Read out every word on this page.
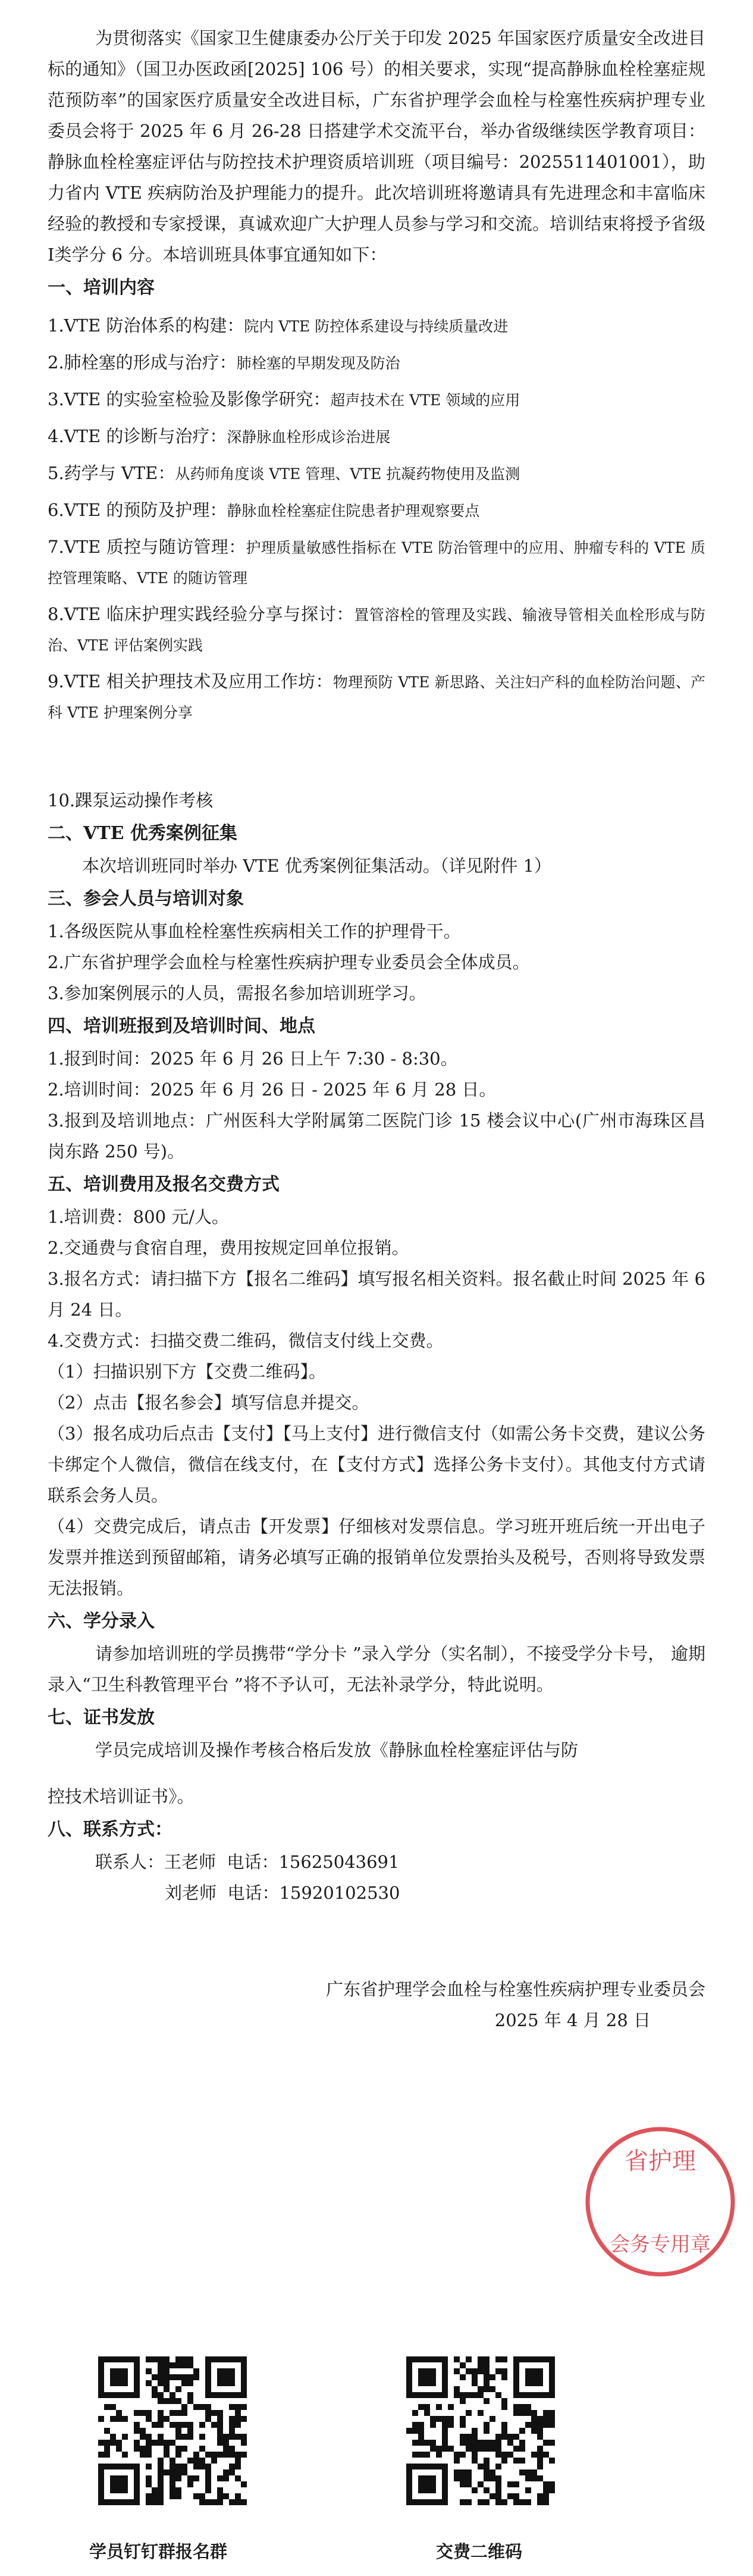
为贯彻落实《国家卫生健康委办公厅关于印发 2025 年国家医疗质量安全改进目标的通知》（国卫办医政函[2025] 106 号）的相关要求，实现“提高静脉血栓栓塞症规范预防率”的国家医疗质量安全改进目标，广东省护理学会血栓与栓塞性疾病护理专业委员会将于 2025 年 6 月 26-28 日搭建学术交流平台，举办省级继续医学教育项目：静脉血栓栓塞症评估与防控技术护理资质培训班（项目编号：2025511401001），助力省内 VTE 疾病防治及护理能力的提升。此次培训班将邀请具有先进理念和丰富临床经验的教授和专家授课，真诚欢迎广大护理人员参与学习和交流。培训结束将授予省级Ⅰ类学分 6 分。本培训班具体事宜通知如下：

一、培训内容

1.VTE 防治体系的构建：院内 VTE 防控体系建设与持续质量改进

2.肺栓塞的形成与治疗：肺栓塞的早期发现及防治

3.VTE 的实验室检验及影像学研究：超声技术在 VTE 领域的应用

4.VTE 的诊断与治疗：深静脉血栓形成诊治进展

5.药学与 VTE：从药师角度谈 VTE 管理、VTE 抗凝药物使用及监测

6.VTE 的预防及护理：静脉血栓栓塞症住院患者护理观察要点

7.VTE 质控与随访管理：护理质量敏感性指标在 VTE 防治管理中的应用、肿瘤专科的 VTE 质控管理策略、VTE 的随访管理

8.VTE 临床护理实践经验分享与探讨：置管溶栓的管理及实践、输液导管相关血栓形成与防治、VTE 评估案例实践

9.VTE 相关护理技术及应用工作坊：物理预防 VTE 新思路、关注妇产科的血栓防治问题、产科 VTE 护理案例分享

10.踝泵运动操作考核

二、VTE 优秀案例征集

本次培训班同时举办 VTE 优秀案例征集活动。（详见附件 1）

三、参会人员与培训对象

1.各级医院从事血栓栓塞性疾病相关工作的护理骨干。

2.广东省护理学会血栓与栓塞性疾病护理专业委员会全体成员。

3.参加案例展示的人员，需报名参加培训班学习。

四、培训班报到及培训时间、地点

1.报到时间：2025 年 6 月 26 日上午 7:30 - 8:30。

2.培训时间：2025 年 6 月 26 日 - 2025 年 6 月 28 日。

3.报到及培训地点：广州医科大学附属第二医院门诊 15 楼会议中心(广州市海珠区昌岗东路 250 号)。

五、培训费用及报名交费方式

1.培训费：800 元/人。

2.交通费与食宿自理，费用按规定回单位报销。

3.报名方式：请扫描下方【报名二维码】填写报名相关资料。报名截止时间 2025 年 6 月 24 日。

4.交费方式：扫描交费二维码，微信支付线上交费。

（1）扫描识别下方【交费二维码】。

（2）点击【报名参会】填写信息并提交。

（3）报名成功后点击【支付】【马上支付】进行微信支付（如需公务卡交费，建议公务卡绑定个人微信，微信在线支付，在【支付方式】选择公务卡支付）。其他支付方式请联系会务人员。

（4）交费完成后，请点击【开发票】仔细核对发票信息。学习班开班后统一开出电子发票并推送到预留邮箱，请务必填写正确的报销单位发票抬头及税号，否则将导致发票无法报销。

六、学分录入

请参加培训班的学员携带“学分卡 ”录入学分（实名制），不接受学分卡号， 逾期录入“卫生科教管理平台 ”将不予认可，无法补录学分，特此说明。

七、证书发放

学员完成培训及操作考核合格后发放《静脉血栓栓塞症评估与防

控技术培训证书》。

八、联系方式：

联系人：王老师 电话：15625043691

刘老师 电话：15920102530

广东省护理学会血栓与栓塞性疾病护理专业委员会

2025 年 4 月 28 日

省护理
会务专用章

学员钉钉群报名群	交费二维码
